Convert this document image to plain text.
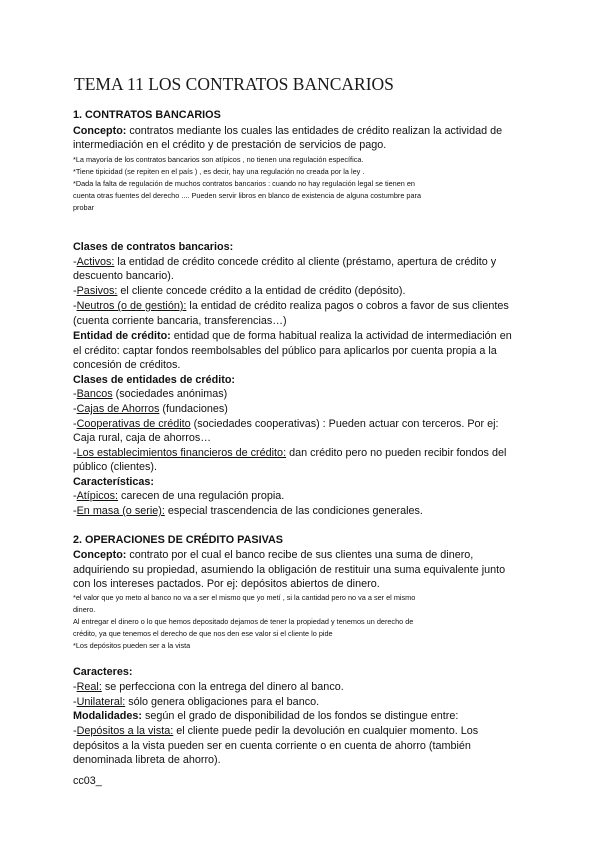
TEMA 11 LOS CONTRATOS BANCARIOS
1. CONTRATOS BANCARIOS
Concepto: contratos mediante los cuales las entidades de crédito realizan la actividad de
intermediación en el crédito y de prestación de servicios de pago.
*La mayoría de los contratos bancarios son atípicos , no tienen una regulación específica.
*Tiene tipicidad (se repiten en el país ) , es decir, hay una regulación no creada por la ley .
*Dada la falta de regulación de muchos contratos bancarios : cuando no hay regulación legal se tienen en
cuenta otras fuentes del derecho .... Pueden servir libros en blanco de existencia de alguna costumbre para
probar
Clases de contratos bancarios:
-Activos: la entidad de crédito concede crédito al cliente (préstamo, apertura de crédito y
descuento bancario).
-Pasivos: el cliente concede crédito a la entidad de crédito (depósito).
-Neutros (o de gestión): la entidad de crédito realiza pagos o cobros a favor de sus clientes
(cuenta corriente bancaria, transferencias…)
Entidad de crédito: entidad que de forma habitual realiza la actividad de intermediación en
el crédito: captar fondos reembolsables del público para aplicarlos por cuenta propia a la
concesión de créditos.
Clases de entidades de crédito:
-Bancos (sociedades anónimas)
-Cajas de Ahorros (fundaciones)
-Cooperativas de crédito (sociedades cooperativas) : Pueden actuar con terceros. Por ej:
Caja rural, caja de ahorros…
-Los establecimientos financieros de crédito: dan crédito pero no pueden recibir fondos del
público (clientes).
Características:
-Atípicos: carecen de una regulación propia.
-En masa (o serie): especial trascendencia de las condiciones generales.
2. OPERACIONES DE CRÉDITO PASIVAS
Concepto: contrato por el cual el banco recibe de sus clientes una suma de dinero,
adquiriendo su propiedad, asumiendo la obligación de restituir una suma equivalente junto
con los intereses pactados. Por ej: depósitos abiertos de dinero.
*el valor que yo meto al banco no va a ser el mismo que yo metí , si la cantidad pero no va a ser el mismo
dinero.
Al entregar el dinero o lo que hemos depositado dejamos de tener la propiedad y tenemos un derecho de
crédito, ya que tenemos el derecho de que nos den ese valor si el cliente lo pide
*Los depósitos pueden ser a la vista
Caracteres:
-Real: se perfecciona con la entrega del dinero al banco.
-Unilateral: sólo genera obligaciones para el banco.
Modalidades: según el grado de disponibilidad de los fondos se distingue entre:
-Depósitos a la vista: el cliente puede pedir la devolución en cualquier momento. Los
depósitos a la vista pueden ser en cuenta corriente o en cuenta de ahorro (también
denominada libreta de ahorro).
cc03_
